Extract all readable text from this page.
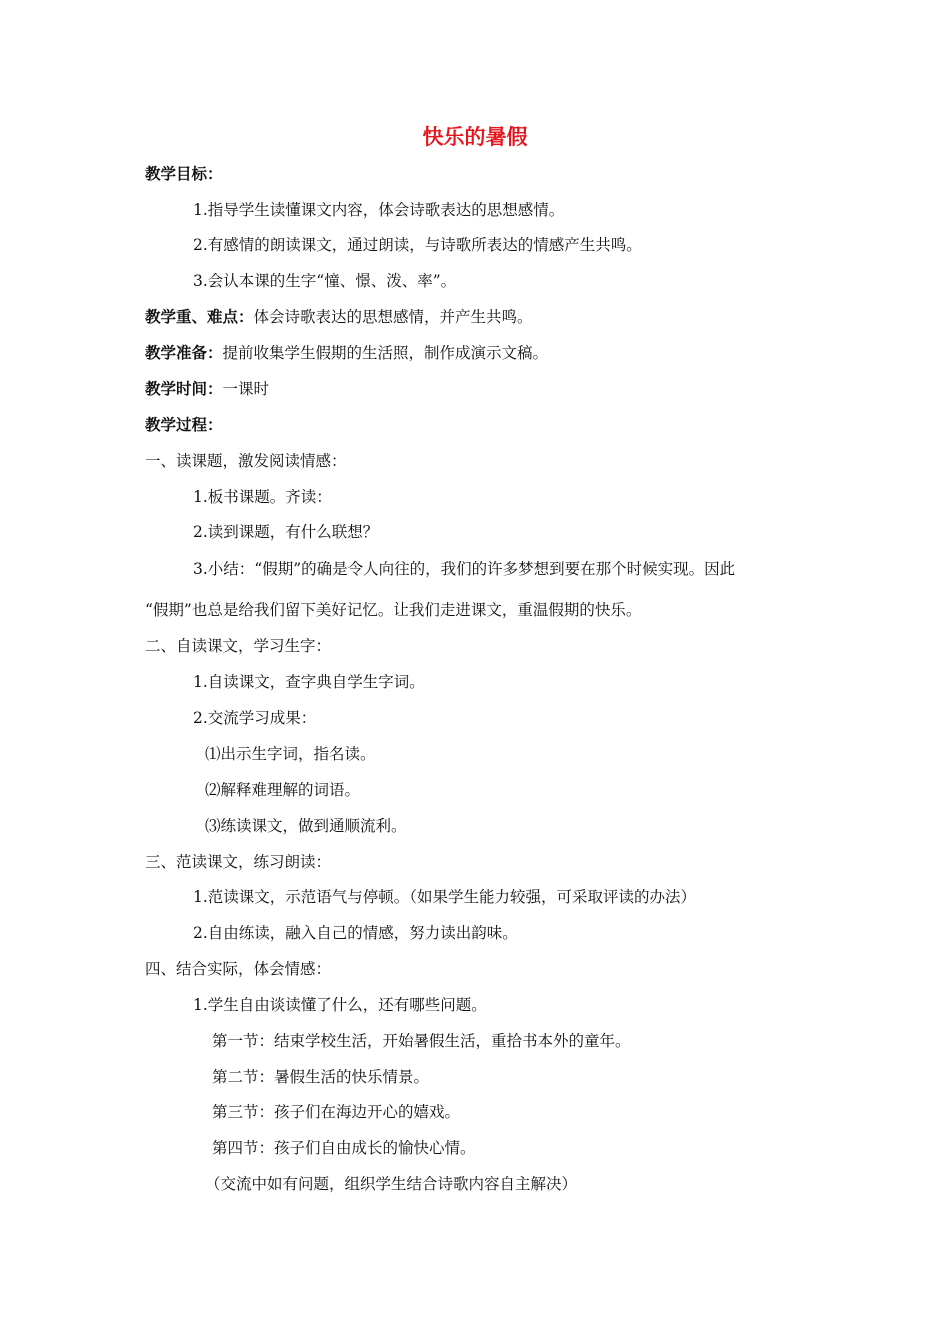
快乐的暑假
教学目标：
1.指导学生读懂课文内容，体会诗歌表达的思想感情。
2.有感情的朗读课文，通过朗读，与诗歌所表达的情感产生共鸣。
3.会认本课的生字“憧、憬、泼、率”。
教学重、难点：体会诗歌表达的思想感情，并产生共鸣。
教学准备：提前收集学生假期的生活照，制作成演示文稿。
教学时间：一课时
教学过程：
一、读课题，激发阅读情感：
1.板书课题。齐读：
2.读到课题，有什么联想？
3.小结：“假期”的确是令人向往的，我们的许多梦想到要在那个时候实现。因此
“假期”也总是给我们留下美好记忆。让我们走进课文，重温假期的快乐。
二、自读课文，学习生字：
1.自读课文，查字典自学生字词。
2.交流学习成果：
⑴出示生字词，指名读。
⑵解释难理解的词语。
⑶练读课文，做到通顺流利。
三、范读课文，练习朗读：
1.范读课文，示范语气与停顿。（如果学生能力较强，可采取评读的办法）
2.自由练读，融入自己的情感，努力读出韵味。
四、结合实际，体会情感：
1.学生自由谈读懂了什么，还有哪些问题。
第一节：结束学校生活，开始暑假生活，重拾书本外的童年。
第二节：暑假生活的快乐情景。
第三节：孩子们在海边开心的嬉戏。
第四节：孩子们自由成长的愉快心情。
（交流中如有问题，组织学生结合诗歌内容自主解决）
